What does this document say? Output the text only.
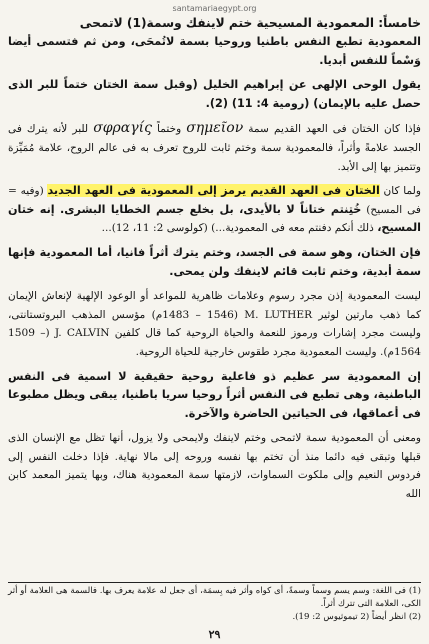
santamariaegypt.org

خامساً: المعمودية المسيحية ختم لاينفك وسمة(1) لاتمحى

المعمودية تطبع النفس باطنيا وروحيا بسمة لاتُمحَى، ومن ثم فتسمى أيضا وَسْماً للنفس أبديا.

يقول الوحى الإلهى عن إبراهيم الخليل (وقبل سمة الختان ختماً للبر الذى حصل عليه بالإيمان) (رومية 4: 11) (2).

فإذا كان الختان فى العهد القديم سمة σημεῖον وختماً σφραγίς للبر لأنه يترك فى الجسد علامةً وأثراً، فالمعمودية سمة وختم ثابت للروح تعرف به فى عالم الروح، علامة مُمَيِّزة وتتميز بها إلى الأبد.

ولما كان الختان فى العهد القديم يرمز إلى المعمودية فى العهد الجديد (وفيه = فى المسيح) خُتِنتم ختاناً لا بالأيدى، بل بخلع جسم الخطايا البشرى. إنه ختان المسيح، ذلك أنكم دفنتم معه فى المعمودية...) (كولوسى 2: 11، 12)...

فإن الختان، وهو سمة فى الجسد، وختم يترك أثراً فانيا، أما المعمودية فإنها سمة أبدية، وختم ثابت قائم لاينفك ولن يمحى.

ليست المعمودية إذن مجرد رسوم وعلامات ظاهرية للمواعد أو الوعود الإلهية لإنعاش الإيمان كما ذهب مارتين لوثير M. LUTHER (1483 – 1546م) مؤسس المذهب البروتستانتى، وليست مجرد إشارات ورموز للنعمة والحياة الروحية كما قال كلفين J. CALVIN (1509 – 1564م). وليست المعمودية مجرد طقوس خارجية للحياة الروحية.

إن المعمودية سر عظيم ذو فاعلية روحية حقيقية لا اسمية فى النفس الباطنية، وهى تطبع فى النفس أثراً روحيا سريا باطنيا، يبقى ويظل مطبوعا فى أعماقها، فى الحياتين الحاضرة والآخرة.

ومعنى أن المعمودية سمة لاتمحى وختم لاينفك ولايمحى ولا يزول، أنها تظل مع الإنسان الذى قبلها وتبقى فيه دائما منذ أن تختم بها نفسه وروحه إلى مالا نهاية. فإذا دخلت النفس إلى فردوس النعيم وإلى ملكوت السماوات، لازمتها سمة المعمودية هناك، وبها يتميز المعمد كابن الله

(1) فى اللغة: وسم يسم وسماً وسمةً، أى كواه وأثر فيه بِسمَة، أى جعل له علامة يعرف بها. فالسمة هى العلامة أو أثر الكى، العلامة التى تترك أثراً.

(2) انظر أيضاً (2 تيموثيوس 2: 19).

٢٩
